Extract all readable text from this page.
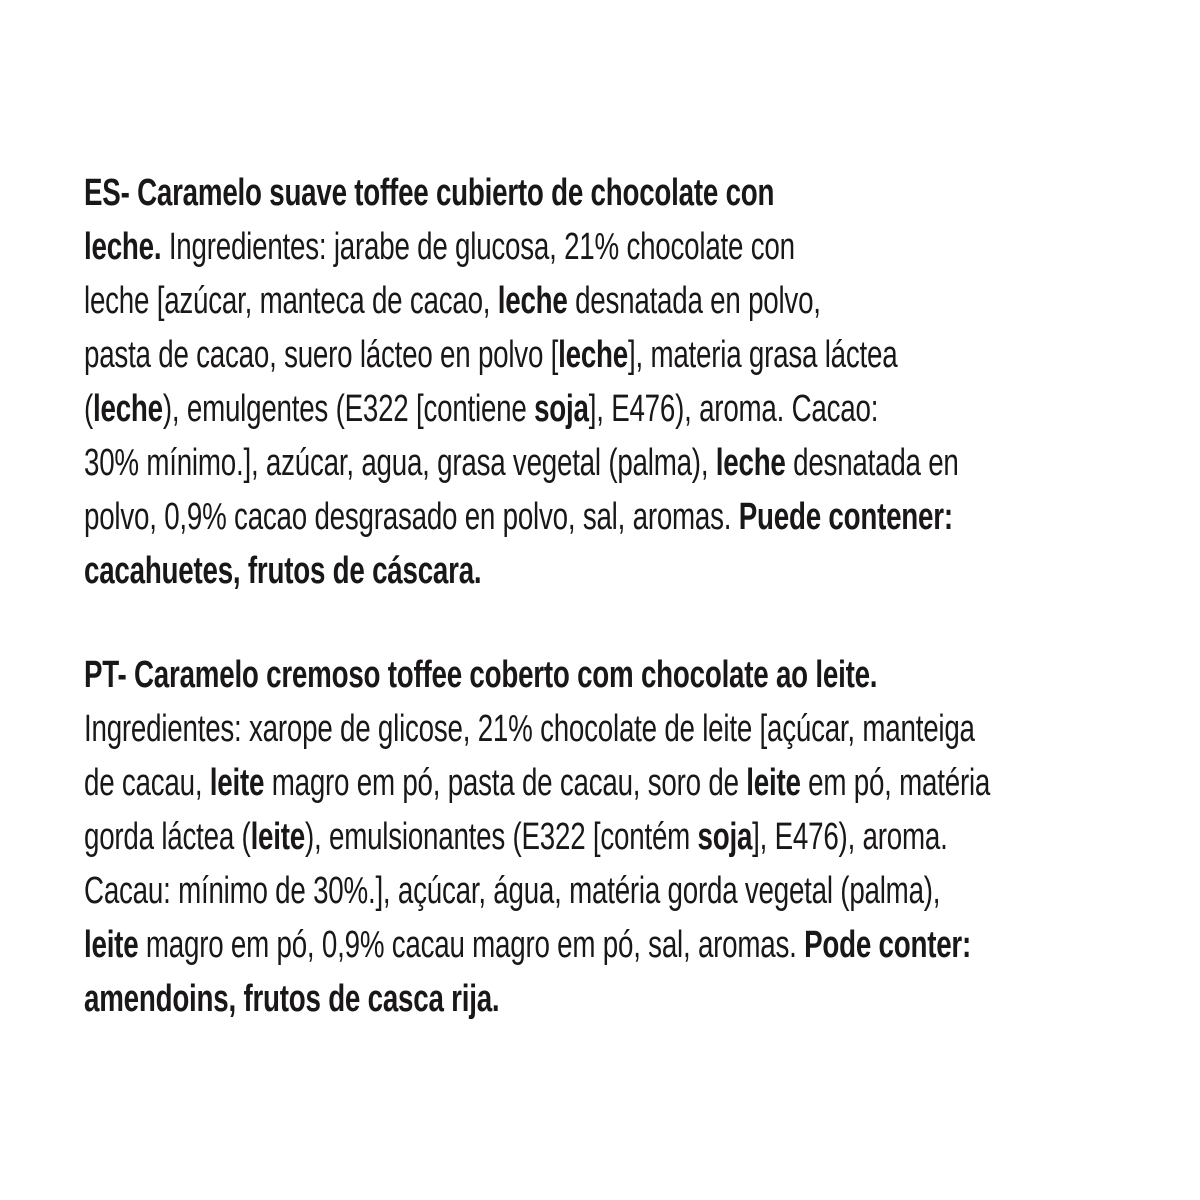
ES- Caramelo suave toffee cubierto de chocolate con
leche. Ingredientes: jarabe de glucosa, 21% chocolate con
leche [azúcar, manteca de cacao, leche desnatada en polvo,
pasta de cacao, suero lácteo en polvo [leche], materia grasa láctea
(leche), emulgentes (E322 [contiene soja], E476), aroma. Cacao:
30% mínimo.], azúcar, agua, grasa vegetal (palma), leche desnatada en
polvo, 0,9% cacao desgrasado en polvo, sal, aromas. Puede contener:
cacahuetes, frutos de cáscara.
PT- Caramelo cremoso toffee coberto com chocolate ao leite.
Ingredientes: xarope de glicose, 21% chocolate de leite [açúcar, manteiga
de cacau, leite magro em pó, pasta de cacau, soro de leite em pó, matéria
gorda láctea (leite), emulsionantes (E322 [contém soja], E476), aroma.
Cacau: mínimo de 30%.], açúcar, água, matéria gorda vegetal (palma),
leite magro em pó, 0,9% cacau magro em pó, sal, aromas. Pode conter:
amendoins, frutos de casca rija.
